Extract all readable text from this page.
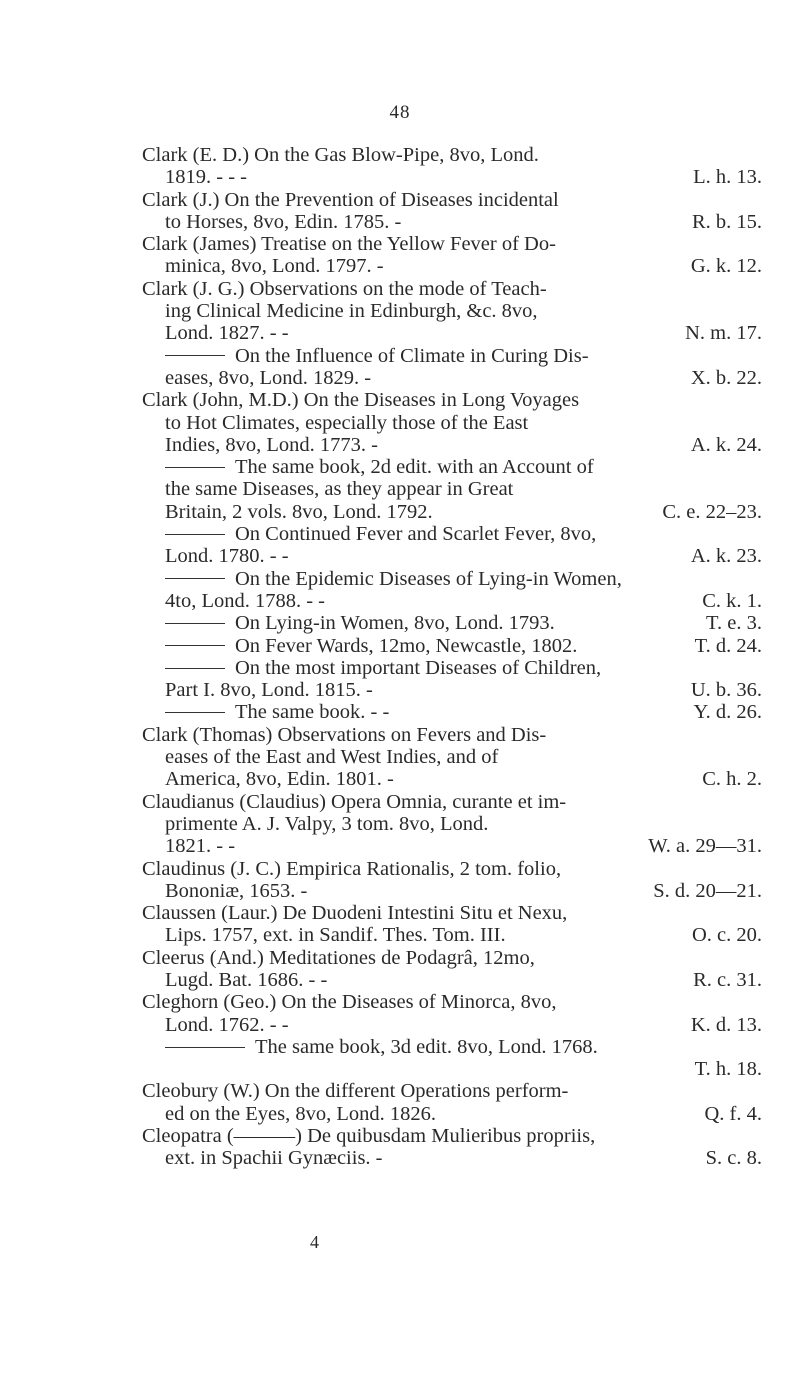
48
Clark (E. D.) On the Gas Blow-Pipe, 8vo, Lond.
1819. - - -	L. h. 13.
Clark (J.) On the Prevention of Diseases incidental
to Horses, 8vo, Edin. 1785. -	R. b. 15.
Clark (James) Treatise on the Yellow Fever of Do-
minica, 8vo, Lond. 1797. -	G. k. 12.
Clark (J. G.) Observations on the mode of Teach-
ing Clinical Medicine in Edinburgh, &c. 8vo,
Lond. 1827. - -	N. m. 17.
On the Influence of Climate in Curing Dis-
eases, 8vo, Lond. 1829. -	X. b. 22.
Clark (John, M.D.) On the Diseases in Long Voyages
to Hot Climates, especially those of the East
Indies, 8vo, Lond. 1773. -	A. k. 24.
The same book, 2d edit. with an Account of
the same Diseases, as they appear in Great
Britain, 2 vols. 8vo, Lond. 1792.	C. e. 22–23.
On Continued Fever and Scarlet Fever, 8vo,
Lond. 1780. - -	A. k. 23.
On the Epidemic Diseases of Lying-in Women,
4to, Lond. 1788. - -	C. k. 1.
On Lying-in Women, 8vo, Lond. 1793.	T. e. 3.
On Fever Wards, 12mo, Newcastle, 1802.	T. d. 24.
On the most important Diseases of Children,
Part I. 8vo, Lond. 1815. -	U. b. 36.
The same book. - -	Y. d. 26.
Clark (Thomas) Observations on Fevers and Dis-
eases of the East and West Indies, and of
America, 8vo, Edin. 1801. -	C. h. 2.
Claudianus (Claudius) Opera Omnia, curante et im-
primente A. J. Valpy, 3 tom. 8vo, Lond.
1821. - -	W. a. 29—31.
Claudinus (J. C.) Empirica Rationalis, 2 tom. folio,
Bononiæ, 1653. -	S. d. 20—21.
Claussen (Laur.) De Duodeni Intestini Situ et Nexu,
Lips. 1757, ext. in Sandif. Thes. Tom. III.	O. c. 20.
Cleerus (And.) Meditationes de Podagrâ, 12mo,
Lugd. Bat. 1686. - -	R. c. 31.
Cleghorn (Geo.) On the Diseases of Minorca, 8vo,
Lond. 1762. - -	K. d. 13.
The same book, 3d edit. 8vo, Lond. 1768.
T. h. 18.
Cleobury (W.) On the different Operations perform-
ed on the Eyes, 8vo, Lond. 1826.	Q. f. 4.
Cleopatra (———) De quibusdam Mulieribus propriis,
ext. in Spachii Gynæciis. -	S. c. 8.
4
